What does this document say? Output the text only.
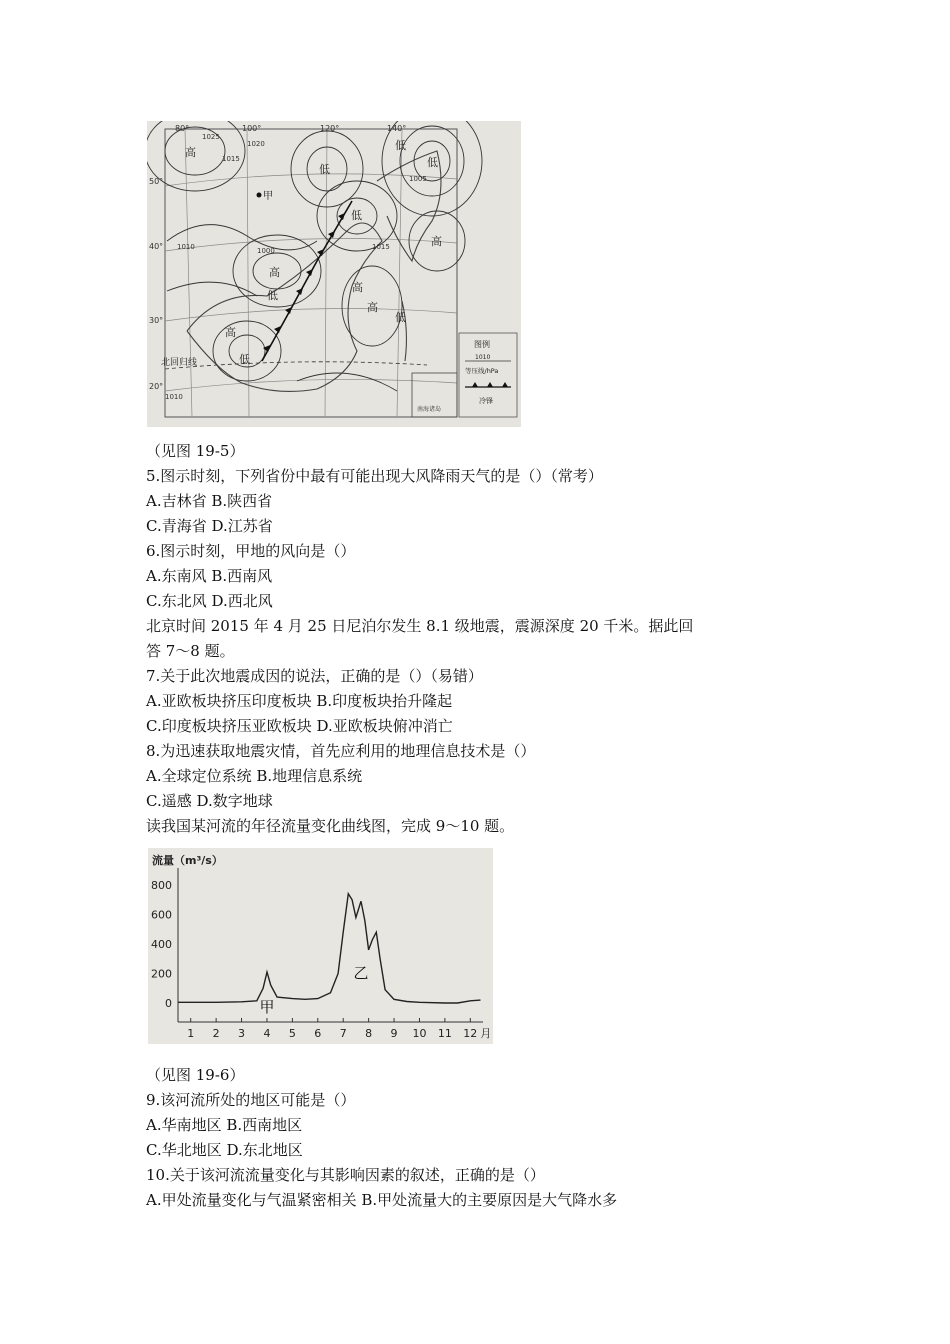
80°	100°	120°	140°
50°
40°
30°
20°
高
低
低
低
低
高
高
低
高
高
低
高
低
1025
1015
1020
1005
1010	1000	1015
1010
甲
北回归线
南海诸岛
图例
1010
等压线/hPa
冷锋
（见图 19-5）
5.图示时刻，下列省份中最有可能出现大风降雨天气的是（）（常考）
A.吉林省 B.陕西省
C.青海省 D.江苏省
6.图示时刻，甲地的风向是（）
A.东南风 B.西南风
C.东北风 D.西北风
北京时间 2015 年 4 月 25 日尼泊尔发生 8.1 级地震，震源深度 20 千米。据此回
答 7～8 题。
7.关于此次地震成因的说法，正确的是（）（易错）
A.亚欧板块挤压印度板块 B.印度板块抬升隆起
C.印度板块挤压亚欧板块 D.亚欧板块俯冲消亡
8.为迅速获取地震灾情，首先应利用的地理信息技术是（）
A.全球定位系统 B.地理信息系统
C.遥感 D.数字地球
读我国某河流的年径流量变化曲线图，完成 9～10 题。
流量（m³/s）
800
600
400
200
0
1 2 3 4 5 6 7 8 9 10 11 12 月
甲
乙
（见图 19-6）
9.该河流所处的地区可能是（）
A.华南地区 B.西南地区
C.华北地区 D.东北地区
10.关于该河流流量变化与其影响因素的叙述，正确的是（）
A.甲处流量变化与气温紧密相关 B.甲处流量大的主要原因是大气降水多
